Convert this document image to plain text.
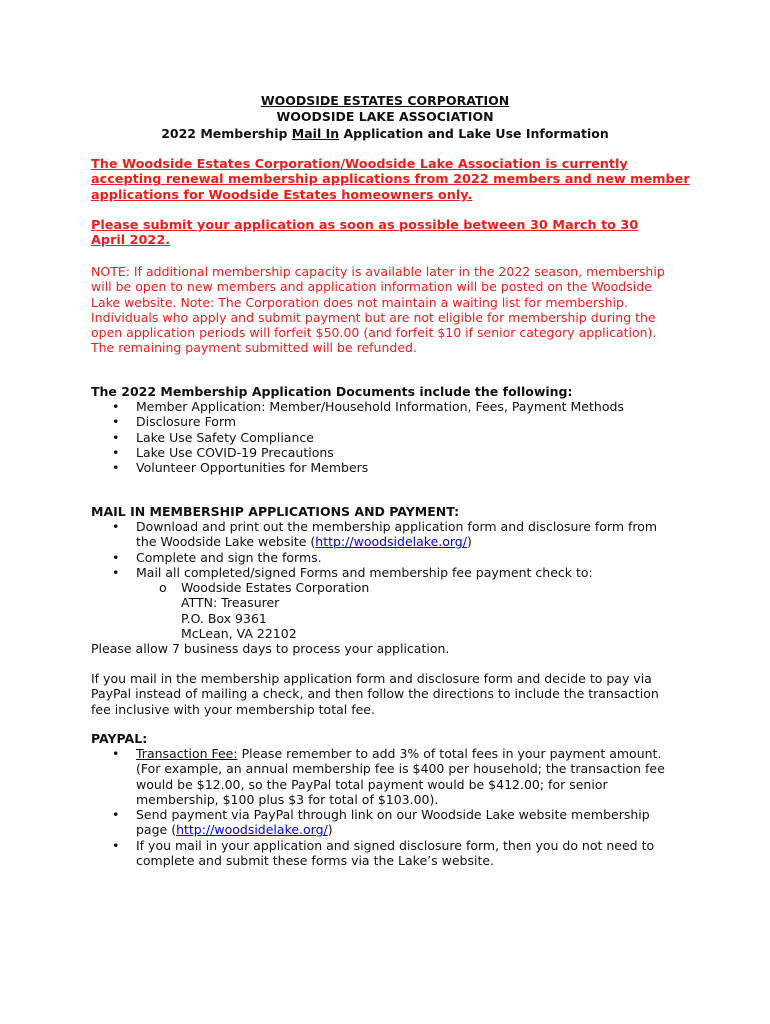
WOODSIDE ESTATES CORPORATION
WOODSIDE LAKE ASSOCIATION
2022 Membership Mail In Application and Lake Use Information
The Woodside Estates Corporation/Woodside Lake Association is currently accepting renewal membership applications from 2022 members and new member applications for Woodside Estates homeowners only.
Please submit your application as soon as possible between 30 March to 30 April 2022.
NOTE: If additional membership capacity is available later in the 2022 season, membership will be open to new members and application information will be posted on the Woodside Lake website. Note: The Corporation does not maintain a waiting list for membership. Individuals who apply and submit payment but are not eligible for membership during the open application periods will forfeit $50.00 (and forfeit $10 if senior category application). The remaining payment submitted will be refunded.
The 2022 Membership Application Documents include the following:
• Member Application: Member/Household Information, Fees, Payment Methods
• Disclosure Form
• Lake Use Safety Compliance
• Lake Use COVID-19 Precautions
• Volunteer Opportunities for Members
MAIL IN MEMBERSHIP APPLICATIONS AND PAYMENT:
• Download and print out the membership application form and disclosure form from the Woodside Lake website (http://woodsidelake.org/)
• Complete and sign the forms.
• Mail all completed/signed Forms and membership fee payment check to:
o Woodside Estates Corporation
ATTN: Treasurer
P.O. Box 9361
McLean, VA 22102
Please allow 7 business days to process your application.
If you mail in the membership application form and disclosure form and decide to pay via PayPal instead of mailing a check, and then follow the directions to include the transaction fee inclusive with your membership total fee.
PAYPAL:
• Transaction Fee: Please remember to add 3% of total fees in your payment amount. (For example, an annual membership fee is $400 per household; the transaction fee would be $12.00, so the PayPal total payment would be $412.00; for senior membership, $100 plus $3 for total of $103.00).
• Send payment via PayPal through link on our Woodside Lake website membership page (http://woodsidelake.org/)
• If you mail in your application and signed disclosure form, then you do not need to complete and submit these forms via the Lake’s website.
